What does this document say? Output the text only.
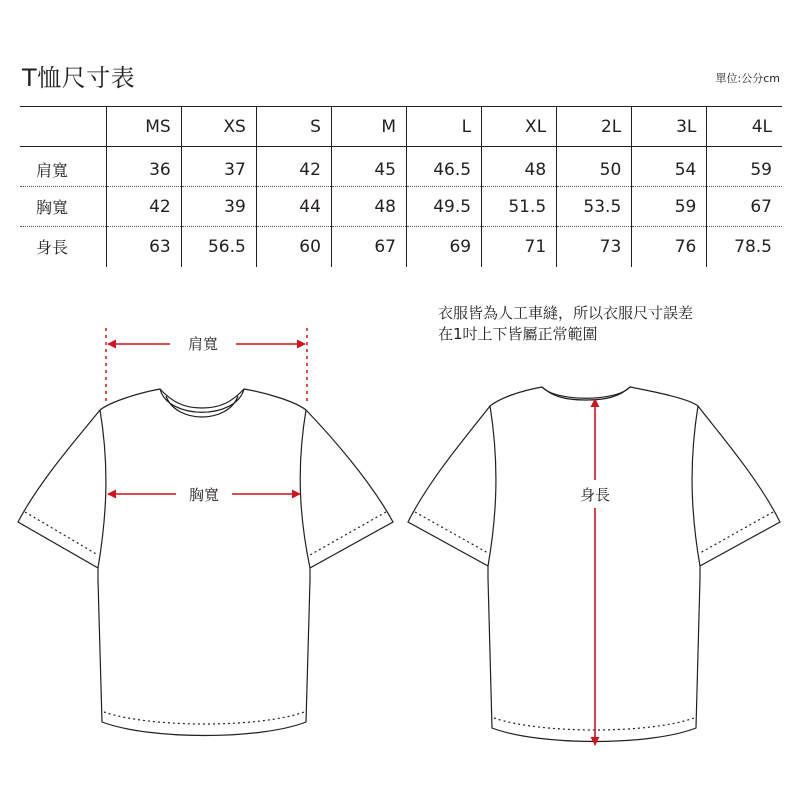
T恤尺寸表	單位:公分cm
	MS	XS	S	M	L	XL	2L	3L	4L
肩寬	36	37	42	45	46.5	48	50	54	59
胸寬	42	39	44	48	49.5	51.5	53.5	59	67
身長	63	56.5	60	67	69	71	73	76	78.5
衣服皆為人工車縫，所以衣服尺寸誤差
在1吋上下皆屬正常範圍
肩寬
胸寬	身長
